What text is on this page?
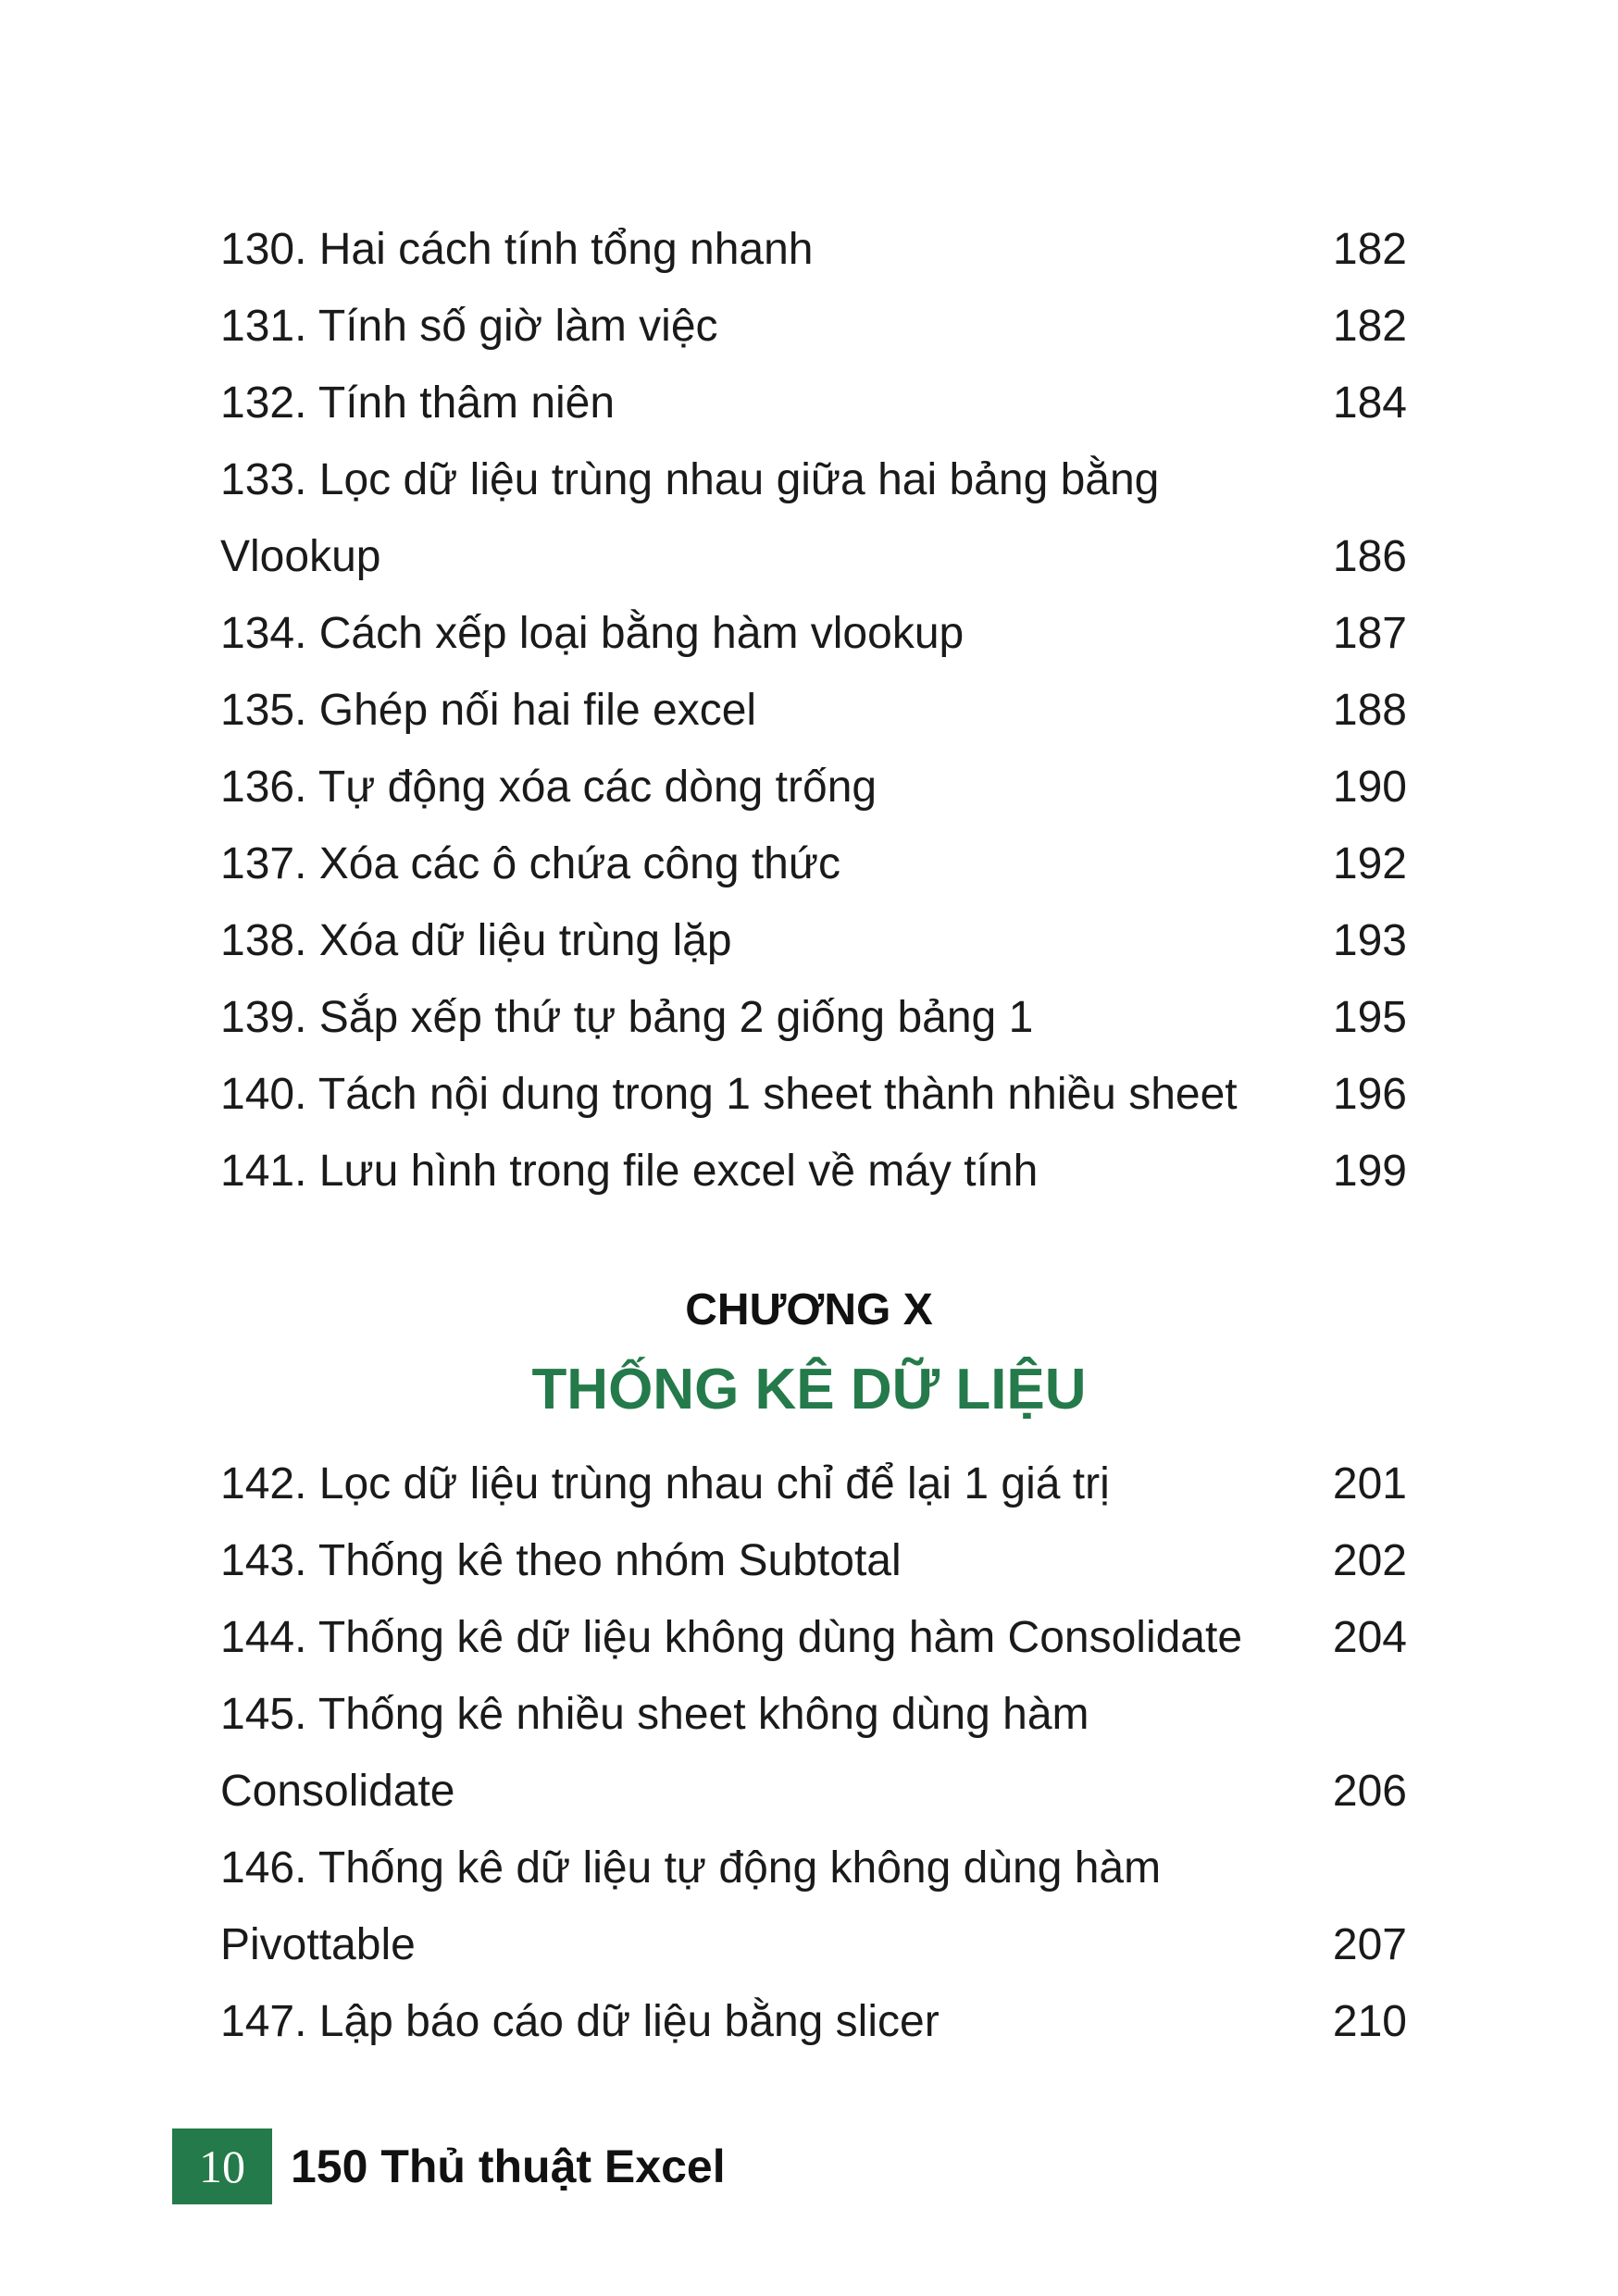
130. Hai cách tính tổng nhanh	182
131. Tính số giờ làm việc	182
132. Tính thâm niên	184
133. Lọc dữ liệu trùng nhau giữa hai bảng bằng
Vlookup	186
134. Cách xếp loại bằng hàm vlookup	187
135. Ghép nối hai file excel	188
136. Tự động xóa các dòng trống	190
137. Xóa các ô chứa công thức	192
138. Xóa dữ liệu trùng lặp	193
139. Sắp xếp thứ tự bảng 2 giống bảng 1	195
140. Tách nội dung trong 1 sheet thành nhiều sheet	196
141. Lưu hình trong file excel về máy tính	199
CHƯƠNG X
THỐNG KÊ DỮ LIỆU
142. Lọc dữ liệu trùng nhau chỉ để lại 1 giá trị	201
143. Thống kê theo nhóm Subtotal	202
144. Thống kê dữ liệu không dùng hàm Consolidate	204
145. Thống kê nhiều sheet không dùng hàm
Consolidate	206
146. Thống kê dữ liệu tự động không dùng hàm
Pivottable	207
147. Lập báo cáo dữ liệu bằng slicer	210
10 150 Thủ thuật Excel
